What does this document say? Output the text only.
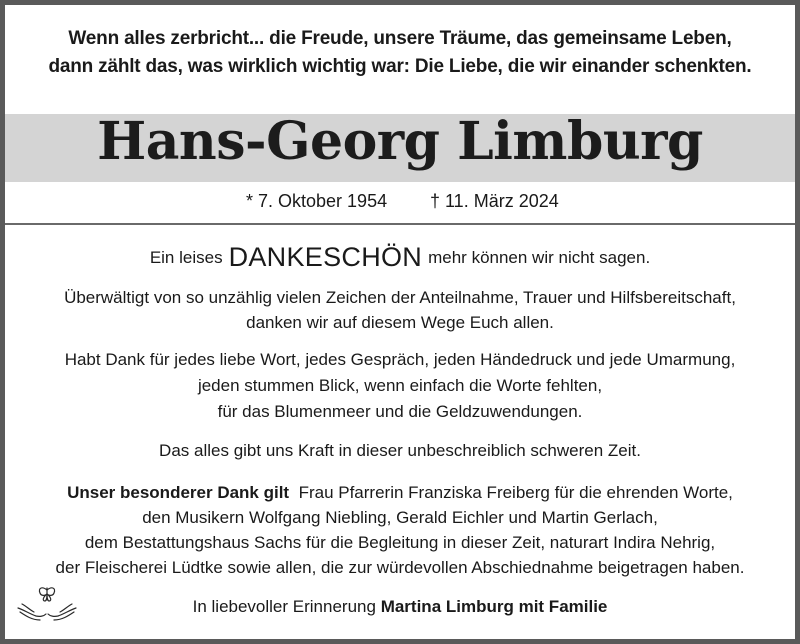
Wenn alles zerbricht... die Freude, unsere Träume, das gemeinsame Leben,
dann zählt das, was wirklich wichtig war: Die Liebe, die wir einander schenkten.
Hans-Georg Limburg
* 7. Oktober 1954 † 11. März 2024
Ein leises DANKESCHÖN mehr können wir nicht sagen.
Überwältigt von so unzählig vielen Zeichen der Anteilnahme, Trauer und Hilfsbereitschaft,
danken wir auf diesem Wege Euch allen.
Habt Dank für jedes liebe Wort, jedes Gespräch, jeden Händedruck und jede Umarmung,
jeden stummen Blick, wenn einfach die Worte fehlten,
für das Blumenmeer und die Geldzuwendungen.
Das alles gibt uns Kraft in dieser unbeschreiblich schweren Zeit.
Unser besonderer Dank gilt Frau Pfarrerin Franziska Freiberg für die ehrenden Worte,
den Musikern Wolfgang Niebling, Gerald Eichler und Martin Gerlach,
dem Bestattungshaus Sachs für die Begleitung in dieser Zeit, naturart Indira Nehrig,
der Fleischerei Lüdtke sowie allen, die zur würdevollen Abschiednahme beigetragen haben.
In liebevoller Erinnerung Martina Limburg mit Familie
